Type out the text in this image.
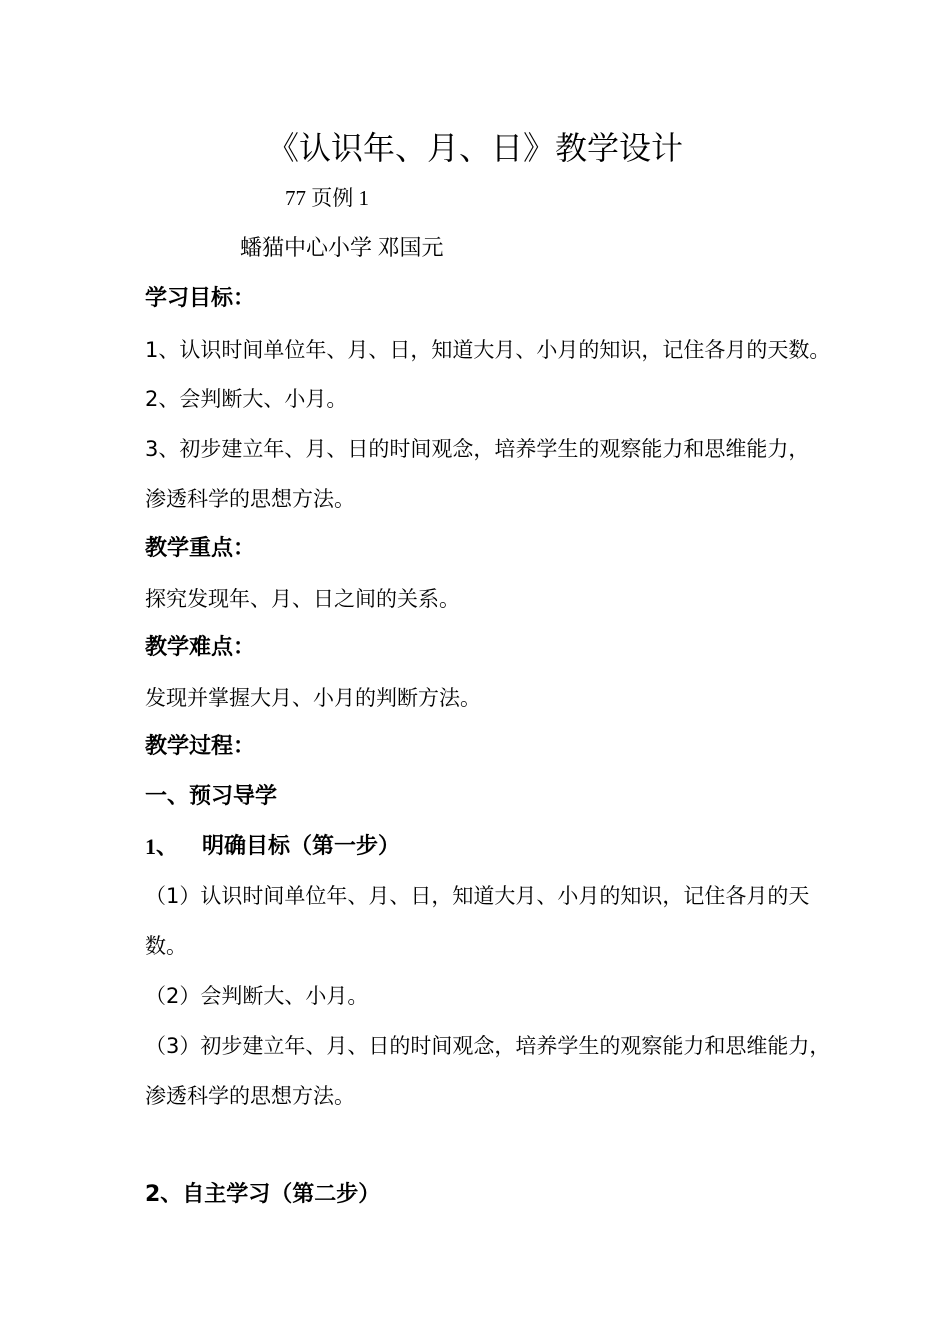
《认识年、月、日》教学设计
77 页例 1
蟠猫中心小学 邓国元
学习目标：
1、认识时间单位年、月、日，知道大月、小月的知识，记住各月的天数。
2、会判断大、小月。
3、初步建立年、月、日的时间观念，培养学生的观察能力和思维能力，
渗透科学的思想方法。
教学重点：
探究发现年、月、日之间的关系。
教学难点：
发现并掌握大月、小月的判断方法。
教学过程：
一、预习导学
1、 明确目标（第一步）
（1）认识时间单位年、月、日，知道大月、小月的知识，记住各月的天
数。
（2）会判断大、小月。
（3）初步建立年、月、日的时间观念，培养学生的观察能力和思维能力，
渗透科学的思想方法。
2、自主学习（第二步）
